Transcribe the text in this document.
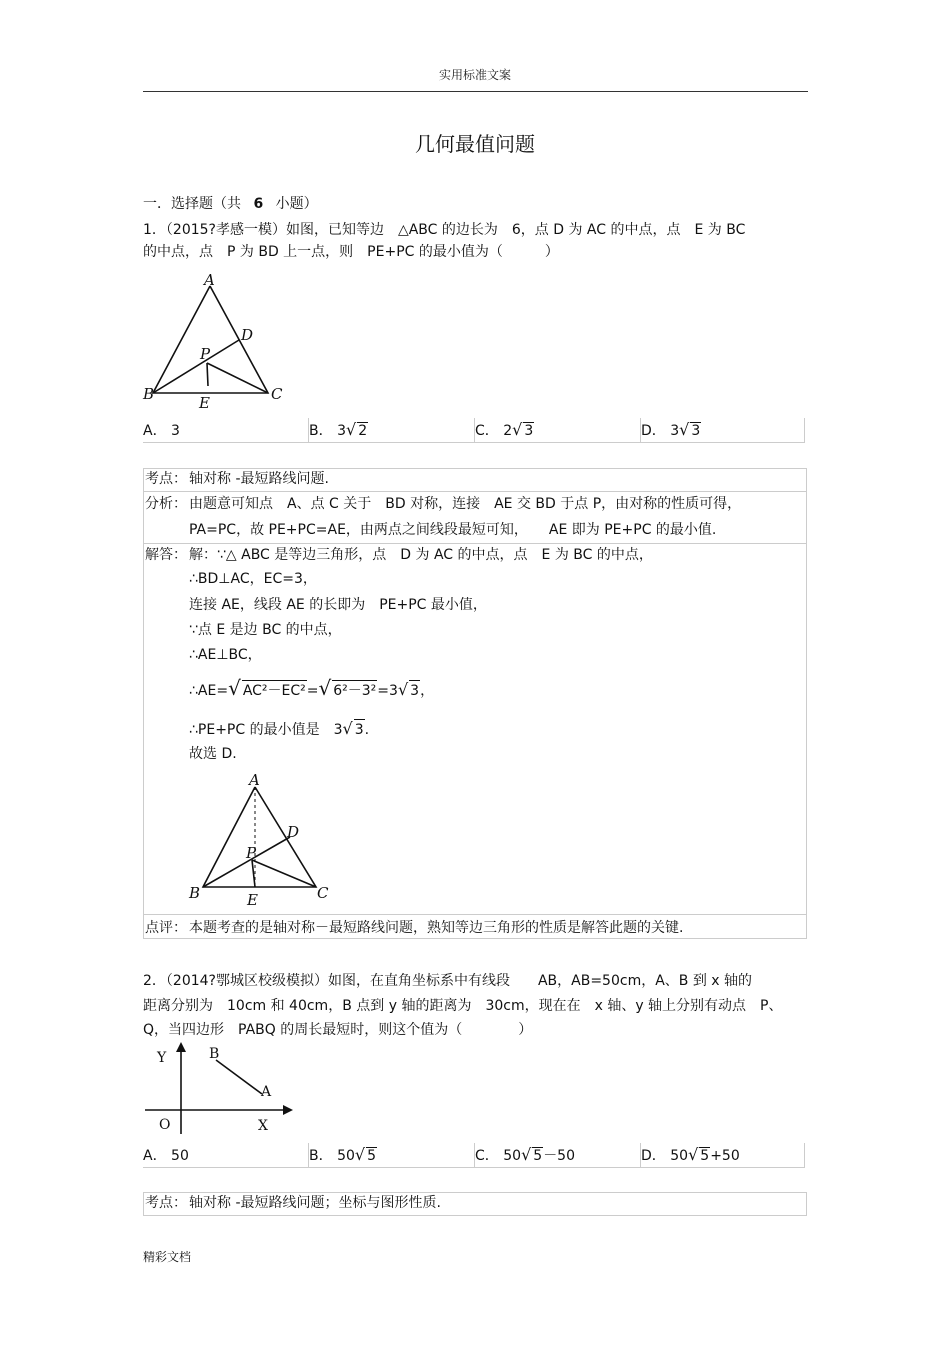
实用标准文案
几何最值问题
一．选择题（共 6 小题）
1．（2015?孝感一模）如图，已知等边　△ABC 的边长为　6，点 D 为 AC 的中点，点　E 为 BC
的中点，点　P 为 BD 上一点，则　PE+PC 的最小值为（　　　）
A
B	C
D
E
P
A． 3	B． 3√ 2	C． 2√ 3	D． 3√ 3
考点： 轴对称 -最短路线问题.
分析： 由题意可知点　A、点 C 关于　BD 对称，连接　AE 交 BD 于点 P，由对称的性质可得，
PA=PC，故 PE+PC=AE，由两点之间线段最短可知，　　AE 即为 PE+PC 的最小值.
解答： 解：∵△ ABC 是等边三角形，点　D 为 AC 的中点，点　E 为 BC 的中点，
∴BD⊥AC，EC=3，
连接 AE，线段 AE 的长即为　PE+PC 最小值，
∵点 E 是边 BC 的中点，
∴AE⊥BC，
∴AE=√ AC²－EC²=√ 6²－3²=3√ 3，
∴PE+PC 的最小值是　3√ 3.
故选 D.
A
B	C
D
E
P
点评： 本题考查的是轴对称－最短路线问题，熟知等边三角形的性质是解答此题的关键.
2．（2014?鄂城区校级模拟）如图，在直角坐标系中有线段　　AB，AB=50cm，A、B 到 x 轴的
距离分别为　10cm 和 40cm，B 点到 y 轴的距离为　30cm，现在在　x 轴、y 轴上分别有动点　P、
Q，当四边形　PABQ 的周长最短时，则这个值为（　　　　）
Y
X
O
B
A
A． 50	B． 50√ 5	C． 50√ 5－50	D． 50√ 5+50
考点： 轴对称 -最短路线问题；坐标与图形性质.
精彩文档
